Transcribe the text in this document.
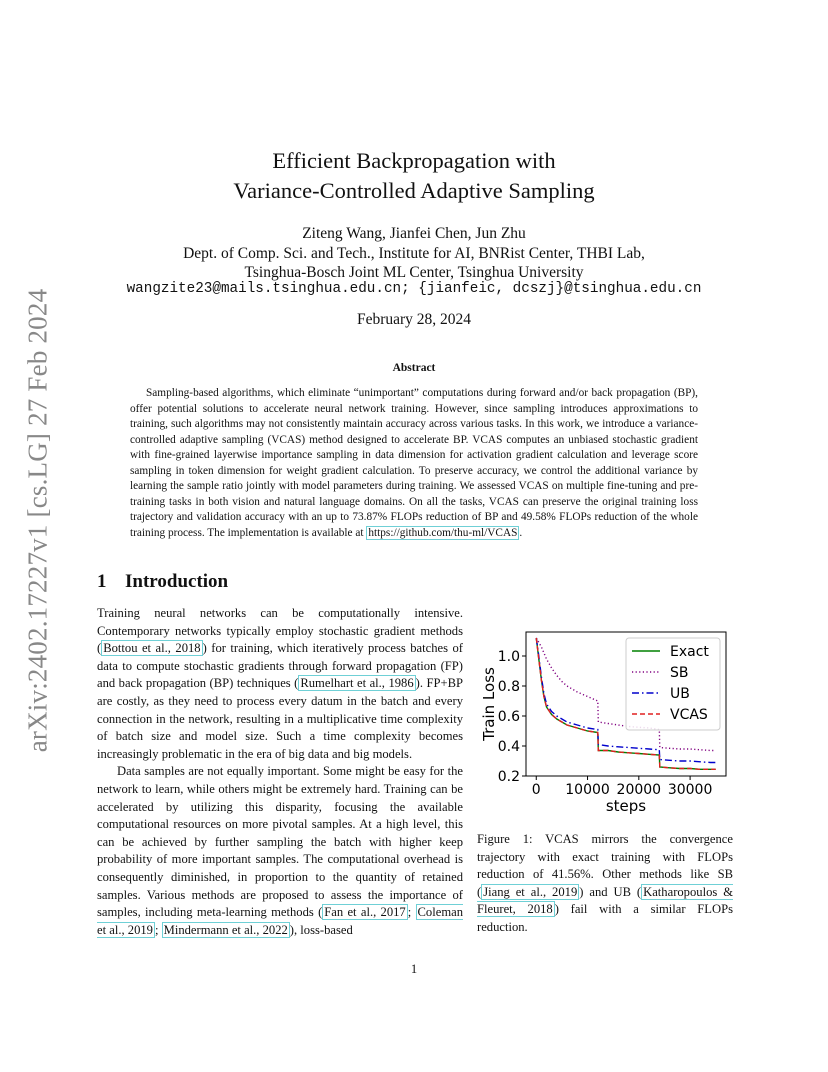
arXiv:2402.17227v1 [cs.LG] 27 Feb 2024
Efficient Backpropagation with
Variance-Controlled Adaptive Sampling
Ziteng Wang, Jianfei Chen, Jun Zhu
Dept. of Comp. Sci. and Tech., Institute for AI, BNRist Center, THBI Lab,
Tsinghua-Bosch Joint ML Center, Tsinghua University
wangzite23@mails.tsinghua.edu.cn; {jianfeic, dcszj}@tsinghua.edu.cn
February 28, 2024
Abstract

Sampling-based algorithms, which eliminate “unimportant” computations during forward and/or back propagation (BP), offer potential solutions to accelerate neural network training. However, since sampling introduces approximations to training, such algorithms may not consistently maintain accuracy across various tasks. In this work, we introduce a variance-controlled adaptive sampling (VCAS) method designed to accelerate BP. VCAS computes an unbiased stochastic gradient with fine-grained layerwise importance sampling in data dimension for activation gradient calculation and leverage score sampling in token dimension for weight gradient calculation. To preserve accuracy, we control the additional variance by learning the sample ratio jointly with model parameters during training. We assessed VCAS on multiple fine-tuning and pre-training tasks in both vision and natural language domains. On all the tasks, VCAS can preserve the original training loss trajectory and validation accuracy with an up to 73.87% FLOPs reduction of BP and 49.58% FLOPs reduction of the whole training process. The implementation is available at https://github.com/thu-ml/VCAS .

1 Introduction

Training neural networks can be computationally intensive. Contemporary networks typically employ stochastic gradient methods ( Bottou et al., 2018 ) for training, which iteratively process batches of data to compute stochastic gradients through forward propagation (FP) and back propagation (BP) techniques ( Rumelhart et al., 1986 ). FP+BP are costly, as they need to process every datum in the batch and every connection in the network, resulting in a multiplicative time complexity of batch size and model size. Such a time complexity becomes increasingly problematic in the era of big data and big models.

Data samples are not equally important. Some might be easy for the network to learn, while others might be extremely hard. Training can be accelerated by utilizing this disparity, focusing the available computational resources on more pivotal samples. At a high level, this can be achieved by further sampling the batch with higher keep probability of more important samples. The computational overhead is consequently diminished, in proportion to the quantity of retained samples. Various methods are proposed to assess the importance of samples, including meta-learning methods ( Fan et al., 2017 ; Coleman et al., 2019 ; Mindermann et al., 2022 ), loss-based

0.2
0.4
0.6
0.8
1.0
0 10000 20000 30000
steps
Train Loss
Exact
SB
UB
VCAS
Figure 1: VCAS mirrors the convergence trajectory with exact training with FLOPs reduction of 41.56%. Other methods like SB ( Jiang et al., 2019 ) and UB ( Katharopoulos & Fleuret, 2018 ) fail with a similar FLOPs reduction.
1
